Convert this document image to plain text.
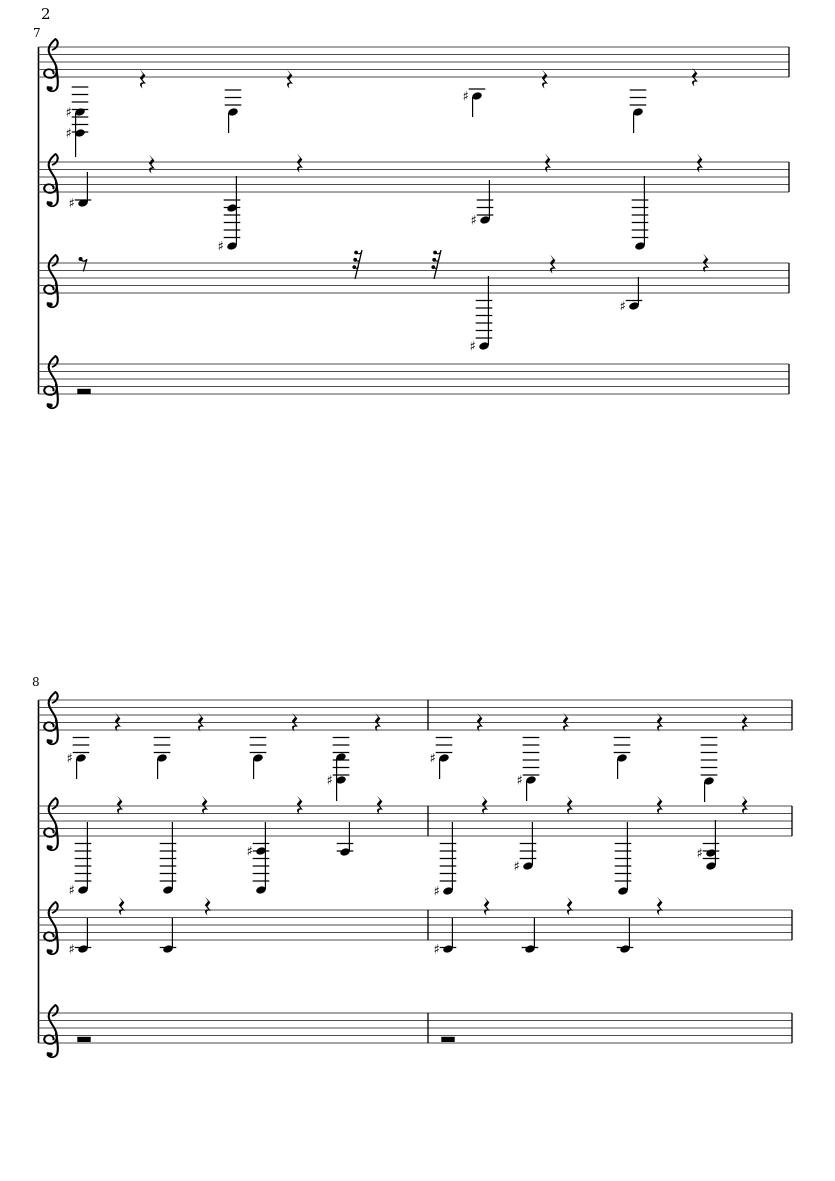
2
7
8
♯
♯
♯
♯
♯
♯
♯
♯
♯
♯
♯
♯
♯
♯
♯
♯
♯
♯	♯
